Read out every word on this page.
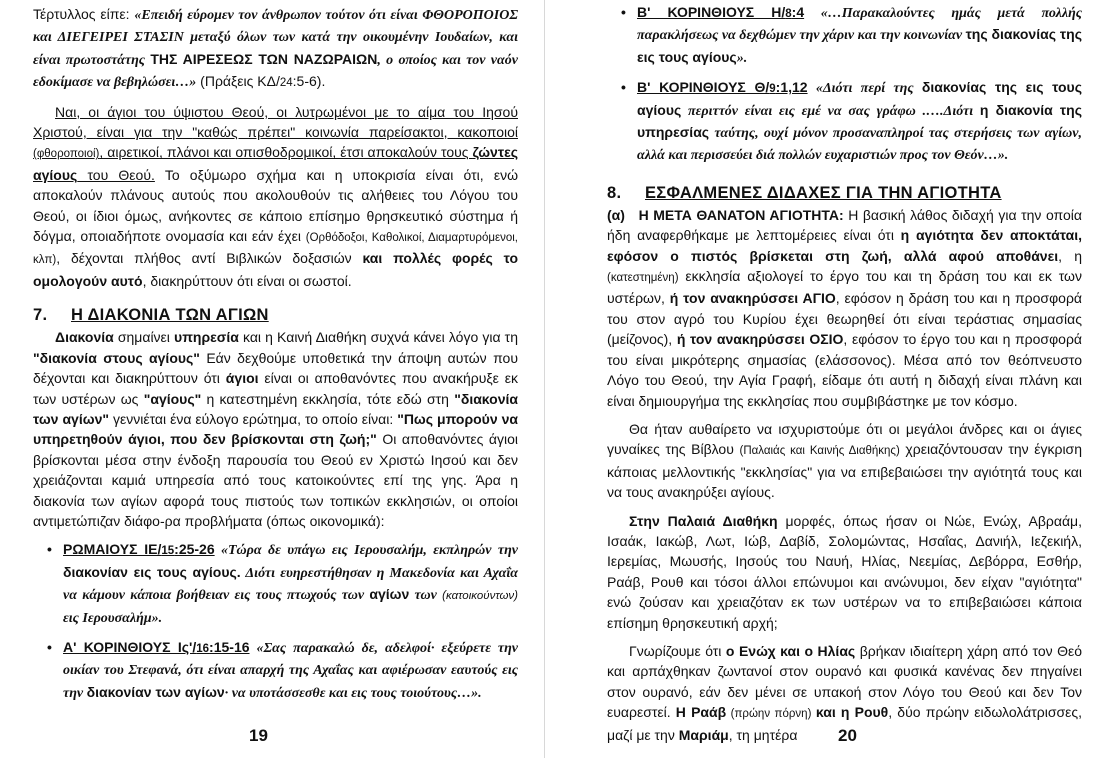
Τέρτυλλος είπε: «Επειδή εύρομεν τον άνθρωπον τούτον ότι είναι ΦΘΟΡΟΠΟΙΟΣ και ΔΙΕΓΕΙΡΕΙ ΣΤΑΣΙΝ μεταξύ όλων των κατά την οικουμένην Ιουδαίων, και είναι πρωτοστάτης ΤΗΣ ΑΙΡΕΣΕΩΣ ΤΩΝ ΝΑΖΩΡΑΙΩΝ, ο οποίος και τον ναόν εδοκίμασε να βεβηλώσει…» (Πράξεις ΚΔ/24:5-6).

Ναι, οι άγιοι του ύψιστου Θεού, οι λυτρωμένοι με το αίμα του Ιησού Χριστού, είναι για την "καθώς πρέπει" κοινωνία παρείσακτοι, κακοποιοί (φθοροποιοί), αιρετικοί, πλάνοι και οπισθοδρομικοί, έτσι αποκαλούν τους ζώντες αγίους του Θεού. Το οξύμωρο σχήμα και η υποκρισία είναι ότι, ενώ αποκαλούν πλάνους αυτούς που ακολουθούν τις αλήθειες του Λόγου του Θεού, οι ίδιοι όμως, ανήκοντες σε κάποιο επίσημο θρησκευτικό σύστημα ή δόγμα, οποιαδήποτε ονομασία και εάν έχει (Ορθόδοξοι, Καθολικοί, Διαμαρτυρόμενοι, κλπ), δέχονται πλήθος αντί Βιβλικών δοξασιών και πολλές φορές το ομολογούν αυτό, διακηρύττουν ότι είναι οι σωστοί.

7. Η ΔΙΑΚΟΝΙΑ ΤΩΝ ΑΓΙΩΝ

Διακονία σημαίνει υπηρεσία και η Καινή Διαθήκη συχνά κάνει λόγο για τη "διακονία στους αγίους" Εάν δεχθούμε υποθετικά την άποψη αυτών που δέχονται και διακηρύττουν ότι άγιοι είναι οι αποθανόντες που ανακήρυξε εκ των υστέρων ως "αγίους" η κατεστημένη εκκλησία, τότε εδώ στη "διακονία των αγίων" γεννιέται ένα εύλογο ερώτημα, το οποίο είναι: "Πως μπορούν να υπηρετηθούν άγιοι, που δεν βρίσκονται στη ζωή;" Οι αποθανόντες άγιοι βρίσκονται μέσα στην ένδοξη παρουσία του Θεού εν Χριστώ Ιησού και δεν χρειάζονται καμιά υπηρεσία από τους κατοικούντες επί της γης. Άρα η διακονία των αγίων αφορά τους πιστούς των τοπικών εκκλησιών, οι οποίοι αντιμετώπιζαν διάφο-ρα προβλήματα (όπως οικονομικά):

• ΡΩΜΑΙΟΥΣ ΙΕ/15:25-26 «Τώρα δε υπάγω εις Ιερουσαλήμ, εκπληρών την διακονίαν εις τους αγίους. Διότι ευηρεστήθησαν η Μακεδονία και Αχαΐα να κάμουν κάποια βοήθειαν εις τους πτωχούς των αγίων των (κατοικούντων) εις Ιερουσαλήμ».

• Α' ΚΟΡΙΝΘΙΟΥΣ Ις'/16:15-16 «Σας παρακαλώ δε, αδελφοί· εξεύρετε την οικίαν του Στεφανά, ότι είναι απαρχή της Αχαΐας και αφιέρωσαν εαυτούς εις την διακονίαν των αγίων· να υποτάσσεσθε και εις τους τοιούτους…».

19

• Β' ΚΟΡΙΝΘΙΟΥΣ Η/8:4 «…Παρακαλούντες ημάς μετά πολλής παρακλήσεως να δεχθώμεν την χάριν και την κοινωνίαν της διακονίας της εις τους αγίους».

• Β' ΚΟΡΙΝΘΙΟΥΣ Θ/9:1,12 «Διότι περί της διακονίας της εις τους αγίους περιττόν είναι εις εμέ να σας γράφω .….Διότι η διακονία της υπηρεσίας ταύτης, ουχί μόνον προσαναπληροί τας στερήσεις των αγίων, αλλά και περισσεύει διά πολλών ευχαριστιών προς τον Θεόν…».

8. ΕΣΦΑΛΜΕΝΕΣ ΔΙΔΑΧΕΣ ΓΙΑ ΤΗΝ ΑΓΙΟΤΗΤΑ

(α)   Η ΜΕΤΑ ΘΑΝΑΤΟΝ ΑΓΙΟΤΗΤΑ: Η βασική λάθος διδαχή για την οποία ήδη αναφερθήκαμε με λεπτομέρειες είναι ότι η αγιότητα δεν αποκτάται, εφόσον ο πιστός βρίσκεται στη ζωή, αλλά αφού αποθάνει, η (κατεστημένη) εκκλησία αξιολογεί το έργο του και τη δράση του και εκ των υστέρων, ή τον ανακηρύσσει ΑΓΙΟ, εφόσον η δράση του και η προσφορά του στον αγρό του Κυρίου έχει θεωρηθεί ότι είναι τεράστιας σημασίας (μείζονος), ή τον ανακηρύσσει ΟΣΙΟ, εφόσον το έργο του και η προσφορά του είναι μικρότερης σημασίας (ελάσσονος). Μέσα από τον θεόπνευστο Λόγο του Θεού, την Αγία Γραφή, είδαμε ότι αυτή η διδαχή είναι πλάνη και είναι δημιουργήμα της εκκλησίας που συμβιβάστηκε με τον κόσμο.

Θα ήταν αυθαίρετο να ισχυριστούμε ότι οι μεγάλοι άνδρες και οι άγιες γυναίκες της Βίβλου (Παλαιάς και Καινής Διαθήκης) χρειαζόντουσαν την έγκριση κάποιας μελλοντικής "εκκλησίας" για να επιβεβαιώσει την αγιότητά τους και να τους ανακηρύξει αγίους.

Στην Παλαιά Διαθήκη μορφές, όπως ήσαν οι Νώε, Ενώχ, Αβραάμ, Ισαάκ, Ιακώβ, Λωτ, Ιώβ, Δαβίδ, Σολομώντας, Ησαΐας, Δανιήλ, Ιεζεκιήλ, Ιερεμίας, Μωυσής, Ιησούς του Ναυή, Ηλίας, Νεεμίας, Δεβόρρα, Εσθήρ, Ραάβ, Ρουθ και τόσοι άλλοι επώνυμοι και ανώνυμοι, δεν είχαν "αγιότητα" ενώ ζούσαν και χρειαζόταν εκ των υστέρων να το επιβεβαιώσει κάποια επίσημη θρησκευτική αρχή;

Γνωρίζουμε ότι ο Ενώχ και ο Ηλίας βρήκαν ιδιαίτερη χάρη από τον Θεό και αρπάχθηκαν ζωντανοί στον ουρανό και φυσικά κανένας δεν πηγαίνει στον ουρανό, εάν δεν μένει σε υπακοή στον Λόγο του Θεού και δεν Τον ευαρεστεί. Η Ραάβ (πρώην πόρνη) και η Ρουθ, δύο πρώην ειδωλολάτρισσες, μαζί με την Μαριάμ, τη μητέρα	20
